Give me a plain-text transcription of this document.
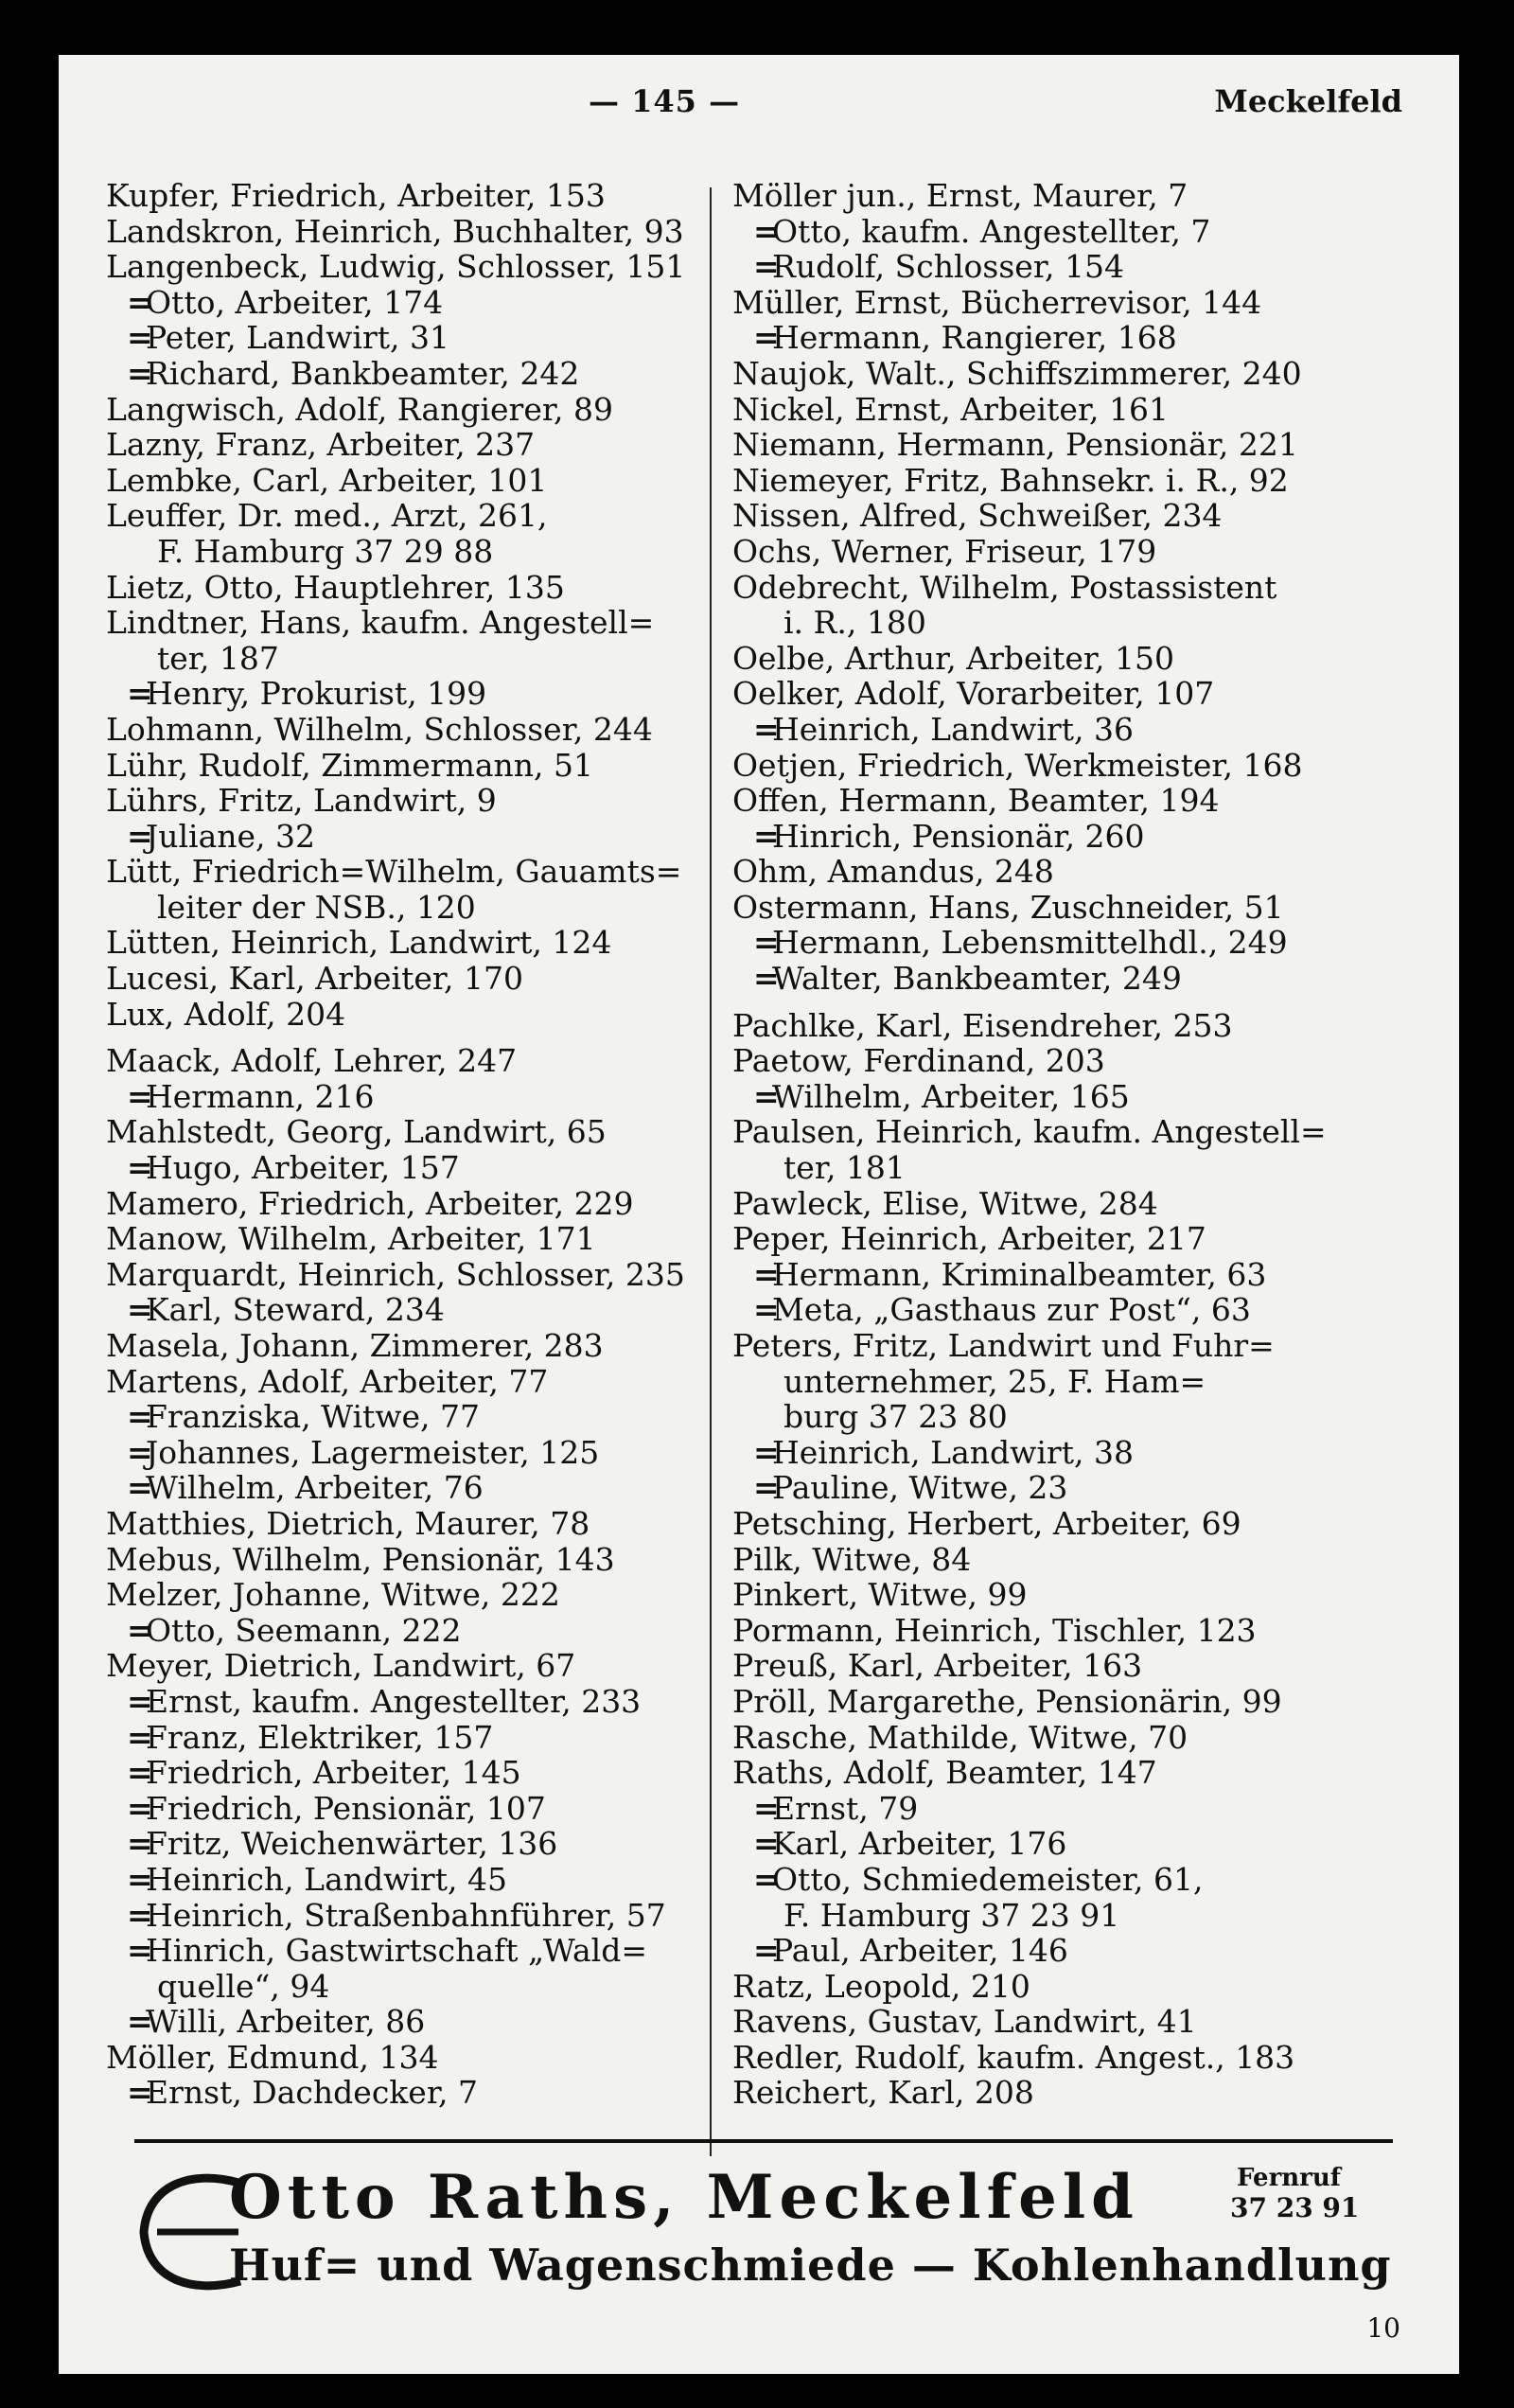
— 145 —	Meckelfeld
Kupfer, Friedrich, Arbeiter, 153
Landskron, Heinrich, Buchhalter, 93
Langenbeck, Ludwig, Schlosser, 151
=Otto, Arbeiter, 174
=Peter, Landwirt, 31
=Richard, Bankbeamter, 242
Langwisch, Adolf, Rangierer, 89
Lazny, Franz, Arbeiter, 237
Lembke, Carl, Arbeiter, 101
Leuffer, Dr. med., Arzt, 261,
F. Hamburg 37 29 88
Lietz, Otto, Hauptlehrer, 135
Lindtner, Hans, kaufm. Angestell=
ter, 187
=Henry, Prokurist, 199
Lohmann, Wilhelm, Schlosser, 244
Lühr, Rudolf, Zimmermann, 51
Lührs, Fritz, Landwirt, 9
=Juliane, 32
Lütt, Friedrich=Wilhelm, Gauamts=
leiter der NSB., 120
Lütten, Heinrich, Landwirt, 124
Lucesi, Karl, Arbeiter, 170
Lux, Adolf, 204
Maack, Adolf, Lehrer, 247
=Hermann, 216
Mahlstedt, Georg, Landwirt, 65
=Hugo, Arbeiter, 157
Mamero, Friedrich, Arbeiter, 229
Manow, Wilhelm, Arbeiter, 171
Marquardt, Heinrich, Schlosser, 235
=Karl, Steward, 234
Masela, Johann, Zimmerer, 283
Martens, Adolf, Arbeiter, 77
=Franziska, Witwe, 77
=Johannes, Lagermeister, 125
=Wilhelm, Arbeiter, 76
Matthies, Dietrich, Maurer, 78
Mebus, Wilhelm, Pensionär, 143
Melzer, Johanne, Witwe, 222
=Otto, Seemann, 222
Meyer, Dietrich, Landwirt, 67
=Ernst, kaufm. Angestellter, 233
=Franz, Elektriker, 157
=Friedrich, Arbeiter, 145
=Friedrich, Pensionär, 107
=Fritz, Weichenwärter, 136
=Heinrich, Landwirt, 45
=Heinrich, Straßenbahnführer, 57
=Hinrich, Gastwirtschaft „Wald=
quelle“, 94
=Willi, Arbeiter, 86
Möller, Edmund, 134
=Ernst, Dachdecker, 7
Möller jun., Ernst, Maurer, 7
=Otto, kaufm. Angestellter, 7
=Rudolf, Schlosser, 154
Müller, Ernst, Bücherrevisor, 144
=Hermann, Rangierer, 168
Naujok, Walt., Schiffszimmerer, 240
Nickel, Ernst, Arbeiter, 161
Niemann, Hermann, Pensionär, 221
Niemeyer, Fritz, Bahnsekr. i. R., 92
Nissen, Alfred, Schweißer, 234
Ochs, Werner, Friseur, 179
Odebrecht, Wilhelm, Postassistent
i. R., 180
Oelbe, Arthur, Arbeiter, 150
Oelker, Adolf, Vorarbeiter, 107
=Heinrich, Landwirt, 36
Oetjen, Friedrich, Werkmeister, 168
Offen, Hermann, Beamter, 194
=Hinrich, Pensionär, 260
Ohm, Amandus, 248
Ostermann, Hans, Zuschneider, 51
=Hermann, Lebensmittelhdl., 249
=Walter, Bankbeamter, 249
Pachlke, Karl, Eisendreher, 253
Paetow, Ferdinand, 203
=Wilhelm, Arbeiter, 165
Paulsen, Heinrich, kaufm. Angestell=
ter, 181
Pawleck, Elise, Witwe, 284
Peper, Heinrich, Arbeiter, 217
=Hermann, Kriminalbeamter, 63
=Meta, „Gasthaus zur Post“, 63
Peters, Fritz, Landwirt und Fuhr=
unternehmer, 25, F. Ham=
burg 37 23 80
=Heinrich, Landwirt, 38
=Pauline, Witwe, 23
Petsching, Herbert, Arbeiter, 69
Pilk, Witwe, 84
Pinkert, Witwe, 99
Pormann, Heinrich, Tischler, 123
Preuß, Karl, Arbeiter, 163
Pröll, Margarethe, Pensionärin, 99
Rasche, Mathilde, Witwe, 70
Raths, Adolf, Beamter, 147
=Ernst, 79
=Karl, Arbeiter, 176
=Otto, Schmiedemeister, 61,
F. Hamburg 37 23 91
=Paul, Arbeiter, 146
Ratz, Leopold, 210
Ravens, Gustav, Landwirt, 41
Redler, Rudolf, kaufm. Angest., 183
Reichert, Karl, 208
Otto Raths, Meckelfeld	Fernruf
37 23 91
Huf= und Wagenschmiede — Kohlenhandlung
10
